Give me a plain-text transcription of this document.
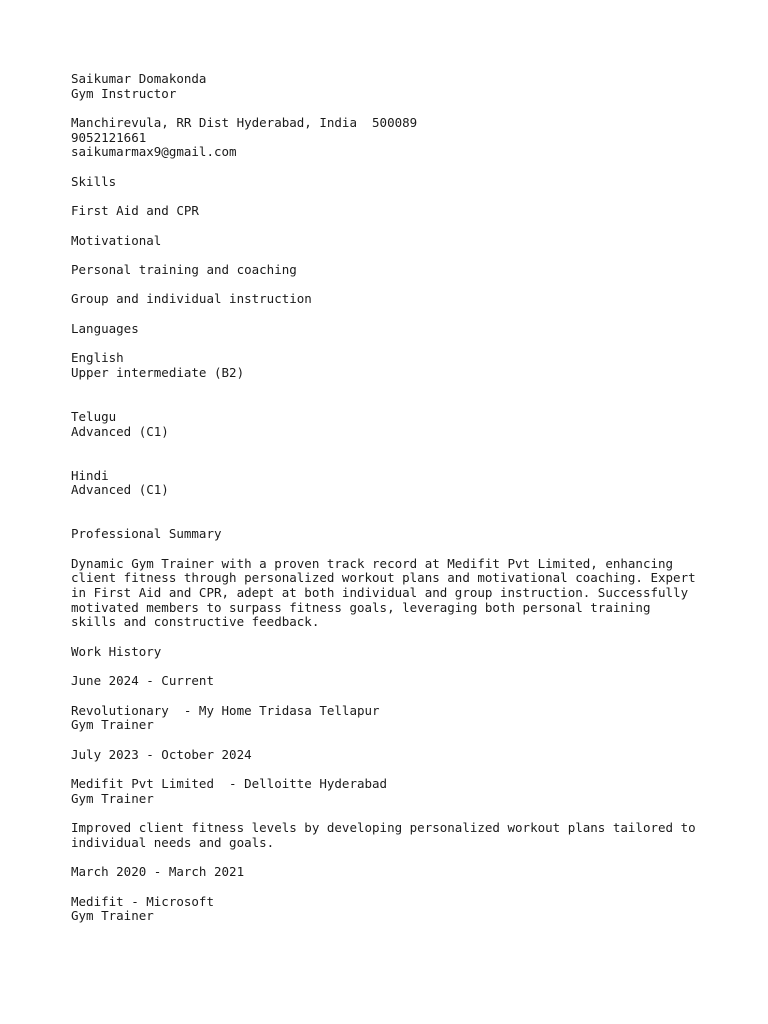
Saikumar Domakonda
Gym Instructor
Manchirevula, RR Dist Hyderabad, India  500089
9052121661
saikumarmax9@gmail.com
Skills
First Aid and CPR
Motivational
Personal training and coaching
Group and individual instruction
Languages
English
Upper intermediate (B2)
Telugu
Advanced (C1)
Hindi
Advanced (C1)
Professional Summary
Dynamic Gym Trainer with a proven track record at Medifit Pvt Limited, enhancing
client fitness through personalized workout plans and motivational coaching. Expert
in First Aid and CPR, adept at both individual and group instruction. Successfully
motivated members to surpass fitness goals, leveraging both personal training
skills and constructive feedback.
Work History
June 2024 - Current
Revolutionary  - My Home Tridasa Tellapur
Gym Trainer
July 2023 - October 2024
Medifit Pvt Limited  - Delloitte Hyderabad
Gym Trainer
Improved client fitness levels by developing personalized workout plans tailored to
individual needs and goals.
March 2020 - March 2021
Medifit - Microsoft
Gym Trainer
